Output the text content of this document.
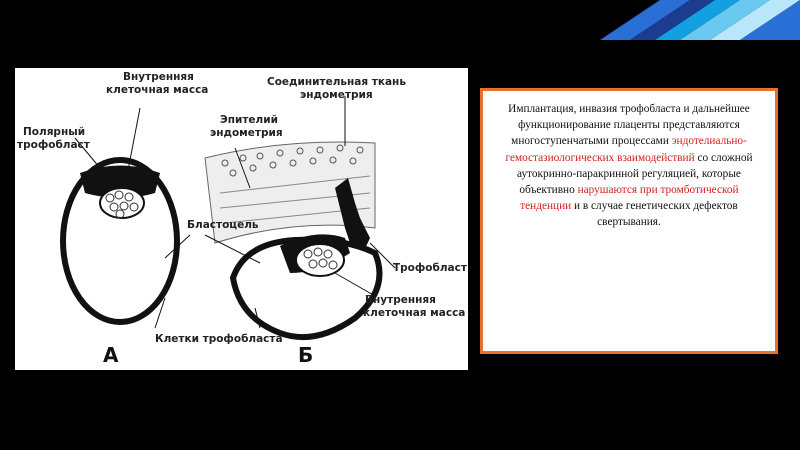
Внутренняя
клеточная масса
Соединительная ткань
эндометрия
Эпителий
эндометрия
Полярный
трофобласт
Бластоцель
Трофобласт
Внутренняя
клеточная масса
Клетки трофобласта
А	Б

Имплантация, инвазия трофобласта и дальнейшее функционирование плаценты представляются многоступенчатыми процессами эндотелиально-гемостазиологических взаимодействий со сложной аутокринно-паракринной регуляцией, которые объективно нарушаются при тромботической тенденции и в случае генетических дефектов свертывания.
